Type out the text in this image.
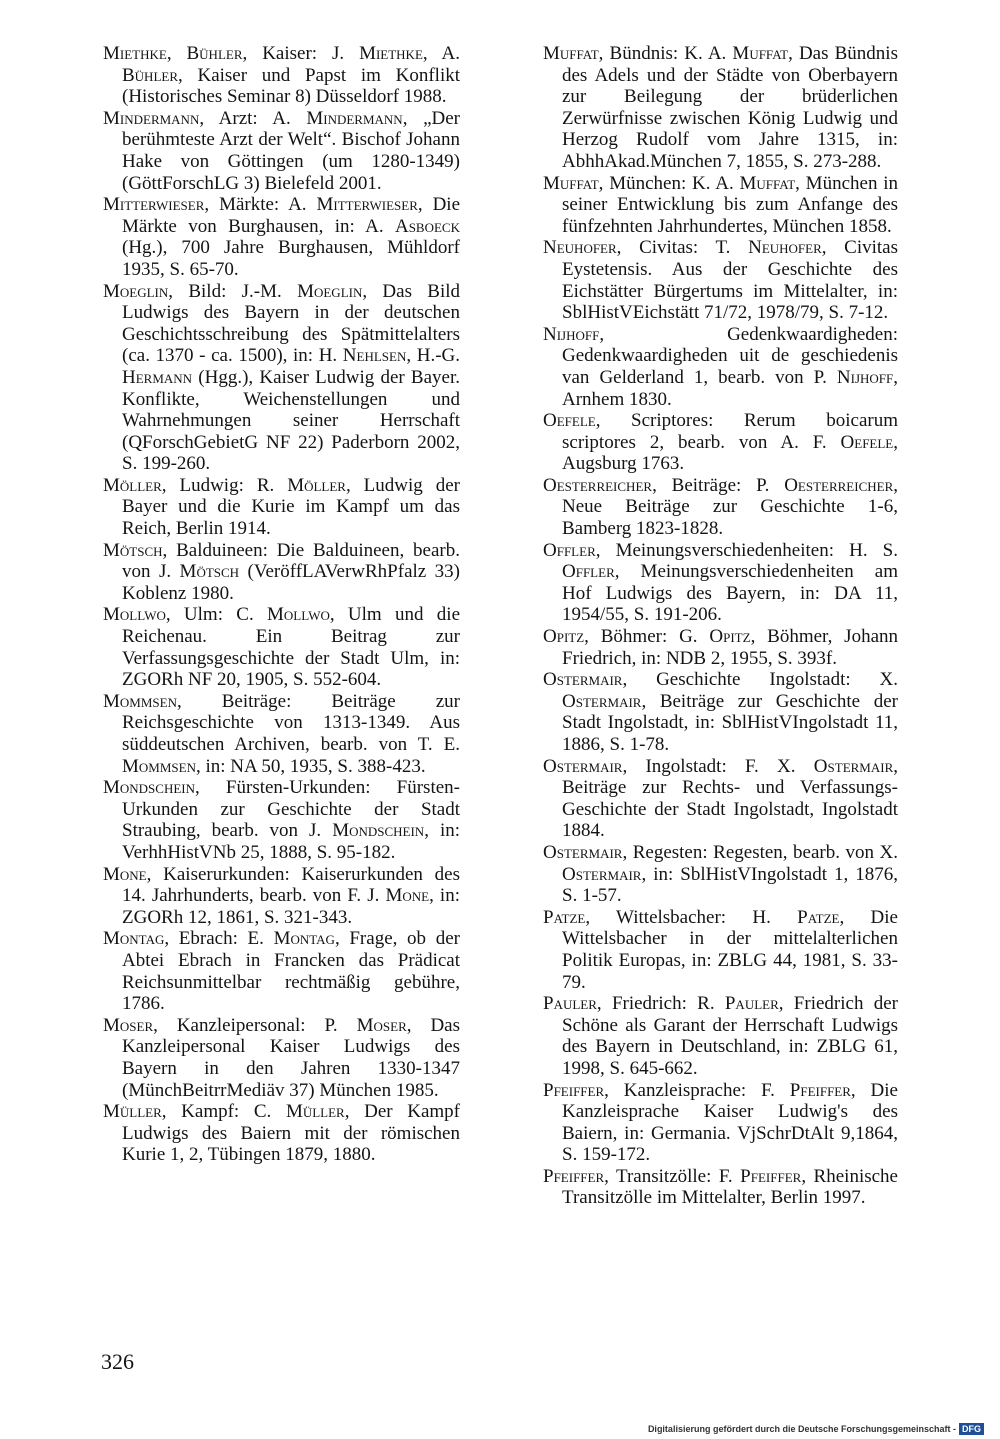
Miethke, Bühler, Kaiser: J. Miethke, A. Bühler, Kaiser und Papst im Konflikt (Historisches Seminar 8) Düsseldorf 1988.

Mindermann, Arzt: A. Mindermann, „Der berühmteste Arzt der Welt“. Bischof Johann Hake von Göttingen (um 1280-1349) (GöttForschLG 3) Bielefeld 2001.

Mitterwieser, Märkte: A. Mitterwieser, Die Märkte von Burghausen, in: A. Asboeck (Hg.), 700 Jahre Burghausen, Mühldorf 1935, S. 65-70.

Moeglin, Bild: J.-M. Moeglin, Das Bild Ludwigs des Bayern in der deutschen Geschichtsschreibung des Spätmittelalters (ca. 1370 - ca. 1500), in: H. Nehlsen, H.-G. Hermann (Hgg.), Kaiser Ludwig der Bayer. Konflikte, Weichenstellungen und Wahrnehmungen seiner Herrschaft (QForschGebietG NF 22) Paderborn 2002, S. 199-260.

Möller, Ludwig: R. Möller, Ludwig der Bayer und die Kurie im Kampf um das Reich, Berlin 1914.

Mötsch, Balduineen: Die Balduineen, bearb. von J. Mötsch (VeröffLAVerwRhPfalz 33) Koblenz 1980.

Mollwo, Ulm: C. Mollwo, Ulm und die Reichenau. Ein Beitrag zur Verfassungsgeschichte der Stadt Ulm, in: ZGORh NF 20, 1905, S. 552-604.

Mommsen, Beiträge: Beiträge zur Reichsgeschichte von 1313-1349. Aus süddeutschen Archiven, bearb. von T. E. Mommsen, in: NA 50, 1935, S. 388-423.

Mondschein, Fürsten-Urkunden: Fürsten-Urkunden zur Geschichte der Stadt Straubing, bearb. von J. Mondschein, in: VerhhHistVNb 25, 1888, S. 95-182.

Mone, Kaiserurkunden: Kaiserurkunden des 14. Jahrhunderts, bearb. von F. J. Mone, in: ZGORh 12, 1861, S. 321-343.

Montag, Ebrach: E. Montag, Frage, ob der Abtei Ebrach in Francken das Prädicat Reichsunmittelbar rechtmäßig gebühre, 1786.

Moser, Kanzleipersonal: P. Moser, Das Kanzleipersonal Kaiser Ludwigs des Bayern in den Jahren 1330-1347 (MünchBeitrrMediäv 37) München 1985.

Müller, Kampf: C. Müller, Der Kampf Ludwigs des Baiern mit der römischen Kurie 1, 2, Tübingen 1879, 1880.

Muffat, Bündnis: K. A. Muffat, Das Bündnis des Adels und der Städte von Oberbayern zur Beilegung der brüderlichen Zerwürfnisse zwischen König Ludwig und Herzog Rudolf vom Jahre 1315, in: AbhhAkad.München 7, 1855, S. 273-288.

Muffat, München: K. A. Muffat, München in seiner Entwicklung bis zum Anfange des fünfzehnten Jahrhundertes, München 1858.

Neuhofer, Civitas: T. Neuhofer, Civitas Eystetensis. Aus der Geschichte des Eichstätter Bürgertums im Mittelalter, in: SblHistVEichstätt 71/72, 1978/79, S. 7-12.

Nijhoff, Gedenkwaardigheden: Gedenkwaardigheden uit de geschiedenis van Gelderland 1, bearb. von P. Nijhoff, Arnhem 1830.

Oefele, Scriptores: Rerum boicarum scriptores 2, bearb. von A. F. Oefele, Augsburg 1763.

Oesterreicher, Beiträge: P. Oesterreicher, Neue Beiträge zur Geschichte 1-6, Bamberg 1823-1828.

Offler, Meinungsverschiedenheiten: H. S. Offler, Meinungsverschiedenheiten am Hof Ludwigs des Bayern, in: DA 11, 1954/55, S. 191-206.

Opitz, Böhmer: G. Opitz, Böhmer, Johann Friedrich, in: NDB 2, 1955, S. 393f.

Ostermair, Geschichte Ingolstadt: X. Ostermair, Beiträge zur Geschichte der Stadt Ingolstadt, in: SblHistVIngolstadt 11, 1886, S. 1-78.

Ostermair, Ingolstadt: F. X. Ostermair, Beiträge zur Rechts- und Verfassungs-Geschichte der Stadt Ingolstadt, Ingolstadt 1884.

Ostermair, Regesten: Regesten, bearb. von X. Ostermair, in: SblHistVIngolstadt 1, 1876, S. 1-57.

Patze, Wittelsbacher: H. Patze, Die Wittelsbacher in der mittelalterlichen Politik Europas, in: ZBLG 44, 1981, S. 33-79.

Pauler, Friedrich: R. Pauler, Friedrich der Schöne als Garant der Herrschaft Ludwigs des Bayern in Deutschland, in: ZBLG 61, 1998, S. 645-662.

Pfeiffer, Kanzleisprache: F. Pfeiffer, Die Kanzleisprache Kaiser Ludwig's des Baiern, in: Germania. VjSchrDtAlt 9,1864, S. 159-172.

Pfeiffer, Transitzölle: F. Pfeiffer, Rheinische Transitzölle im Mittelalter, Berlin 1997.

326
Digitalisierung gefördert durch die Deutsche Forschungsgemeinschaft - DFG
